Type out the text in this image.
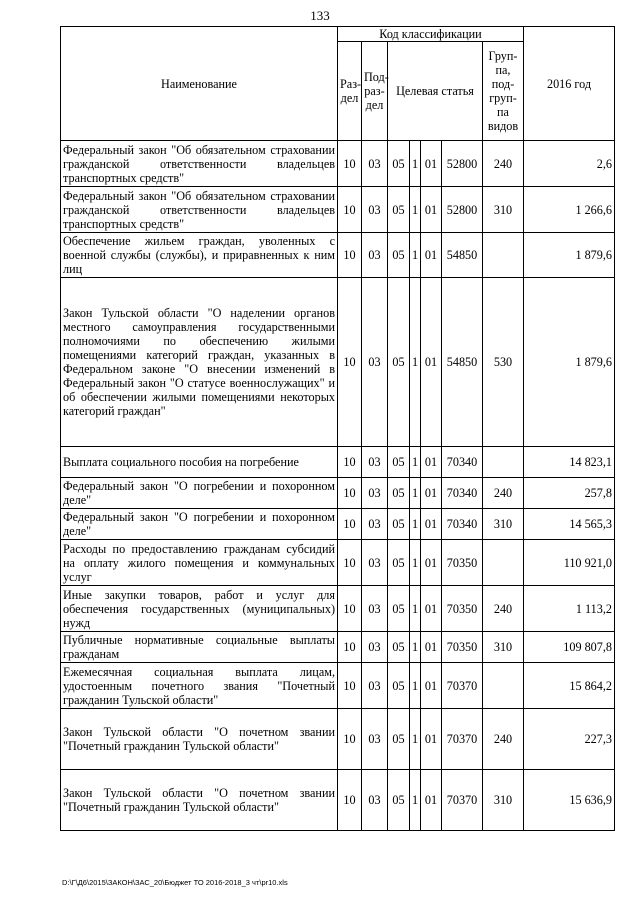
133
Наименование	Код классификации							2016 год
	Раз-дел	Под-раз-дел	Целевая статья				Груп-па, под-груп-па видов	
Федеральный закон "Об обязательном страховании гражданской ответственности владельцев транспортных средств"	10	03	05	1	01	52800	240	2,6
Федеральный закон "Об обязательном страховании гражданской ответственности владельцев транспортных средств"	10	03	05	1	01	52800	310	1 266,6
Обеспечение жильем граждан, уволенных с военной службы (службы), и приравненных к ним лиц	10	03	05	1	01	54850		1 879,6
Закон Тульской области "О наделении органов местного самоуправления государственными полномочиями по обеспечению жилыми помещениями категорий граждан, указанных в Федеральном законе "О внесении изменений в Федеральный закон "О статусе военнослужащих" и об обеспечении жилыми помещениями некоторых категорий граждан"	10	03	05	1	01	54850	530	1 879,6
Выплата социального пособия на погребение	10	03	05	1	01	70340		14 823,1
Федеральный закон "О погребении и похоронном деле"	10	03	05	1	01	70340	240	257,8
Федеральный закон "О погребении и похоронном деле"	10	03	05	1	01	70340	310	14 565,3
Расходы по предоставлению гражданам субсидий на оплату жилого помещения и коммунальных услуг	10	03	05	1	01	70350		110 921,0
Иные закупки товаров, работ и услуг для обеспечения государственных (муниципальных) нужд	10	03	05	1	01	70350	240	1 113,2
Публичные нормативные социальные выплаты гражданам	10	03	05	1	01	70350	310	109 807,8
Ежемесячная социальная выплата лицам, удостоенным почетного звания "Почетный гражданин Тульской области"	10	03	05	1	01	70370		15 864,2
Закон Тульской области "О почетном звании "Почетный гражданин Тульской области"	10	03	05	1	01	70370	240	227,3
Закон Тульской области "О почетном звании "Почетный гражданин Тульской области"	10	03	05	1	01	70370	310	15 636,9
D:\Г\Д6\2015\ЗАКОН\ЗАС_20\Бюджет ТО 2016-2018_3 чт\pr10.xls
